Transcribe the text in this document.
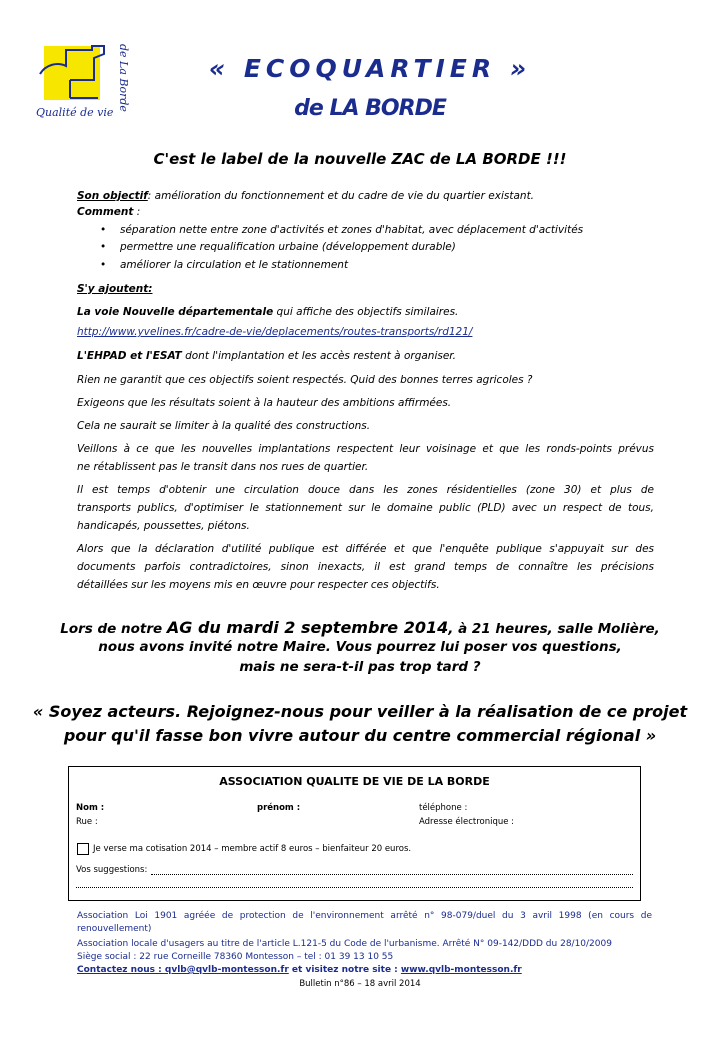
Qualité de vie
de La Borde	« ECOQUARTIER »
de LA BORDE
C'est le label de la nouvelle ZAC de LA BORDE !!!
Son objectif: amélioration du fonctionnement et du cadre de vie du quartier existant.
Comment :
• séparation nette entre zone d'activités et zones d'habitat, avec déplacement d'activités
• permettre une requalification urbaine (développement durable)
• améliorer la circulation et le stationnement
S'y ajoutent:
La voie Nouvelle départementale qui affiche des objectifs similaires.
http://www.yvelines.fr/cadre-de-vie/deplacements/routes-transports/rd121/
L'EHPAD et l'ESAT dont l'implantation et les accès restent à organiser.
Rien ne garantit que ces objectifs soient respectés. Quid des bonnes terres agricoles ?
Exigeons que les résultats soient à la hauteur des ambitions affirmées.
Cela ne saurait se limiter à la qualité des constructions.
Veillons à ce que les nouvelles implantations respectent leur voisinage et que les ronds-points prévus
ne rétablissent pas le transit dans nos rues de quartier.
Il est temps d'obtenir une circulation douce dans les zones résidentielles (zone 30) et plus de
transports publics, d'optimiser le stationnement sur le domaine public (PLD) avec un respect de tous,
handicapés, poussettes, piétons.
Alors que la déclaration d'utilité publique est différée et que l'enquête publique s'appuyait sur des
documents parfois contradictoires, sinon inexacts, il est grand temps de connaître les précisions
détaillées sur les moyens mis en œuvre pour respecter ces objectifs.
Lors de notre AG du mardi 2 septembre 2014, à 21 heures, salle Molière,
nous avons invité notre Maire. Vous pourrez lui poser vos questions,
mais ne sera-t-il pas trop tard ?
« Soyez acteurs. Rejoignez-nous pour veiller à la réalisation de ce projet
pour qu'il fasse bon vivre autour du centre commercial régional »
ASSOCIATION QUALITE DE VIE DE LA BORDE
Nom :	prénom :	téléphone :
Rue :	Adresse électronique :
Je verse ma cotisation 2014 – membre actif 8 euros – bienfaiteur 20 euros.
Vos suggestions:
Association Loi 1901 agréée de protection de l'environnement arrêté n° 98-079/duel du 3 avril 1998 (en cours de
renouvellement)
Association locale d'usagers au titre de l'article L.121-5 du Code de l'urbanisme. Arrêté N° 09-142/DDD du 28/10/2009
Siège social : 22 rue Corneille 78360 Montesson – tel : 01 39 13 10 55
Contactez nous : qvlb@qvlb-montesson.fr et visitez notre site : www.qvlb-montesson.fr
Bulletin n°86 – 18 avril 2014
